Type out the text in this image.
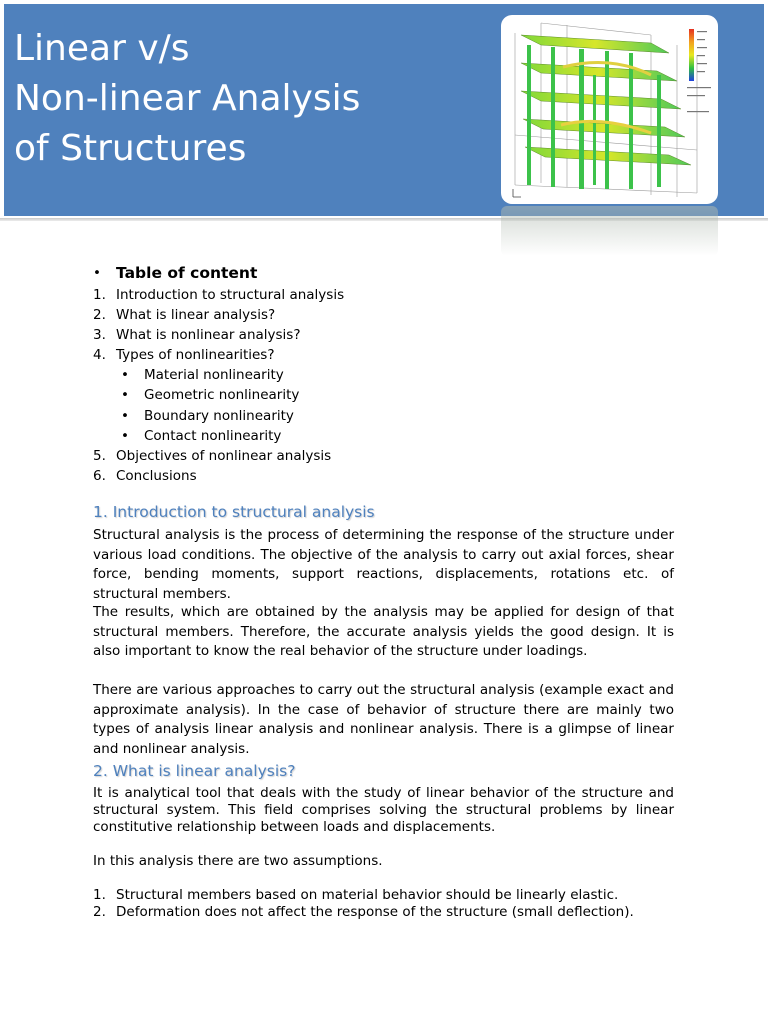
Linear v/s
Non-linear Analysis
of Structures
• Table of content
1. Introduction to structural analysis
2. What is linear analysis?
3. What is nonlinear analysis?
4. Types of nonlinearities?
• Material nonlinearity
• Geometric nonlinearity
• Boundary nonlinearity
• Contact nonlinearity
5. Objectives of nonlinear analysis
6. Conclusions
1. Introduction to structural analysis

Structural analysis is the process of determining the response of the structure under various load conditions. The objective of the analysis to carry out axial forces, shear force, bending moments, support reactions, displacements, rotations etc. of structural members.

The results, which are obtained by the analysis may be applied for design of that structural members. Therefore, the accurate analysis yields the good design. It is also important to know the real behavior of the structure under loadings.

There are various approaches to carry out the structural analysis (example exact and approximate analysis). In the case of behavior of structure there are mainly two types of analysis linear analysis and nonlinear analysis. There is a glimpse of linear and nonlinear analysis.

2. What is linear analysis?

It is analytical tool that deals with the study of linear behavior of the structure and structural system. This field comprises solving the structural problems by linear constitutive relationship between loads and displacements.

In this analysis there are two assumptions.

1. Structural members based on material behavior should be linearly elastic.
2. Deformation does not affect the response of the structure (small deflection).
